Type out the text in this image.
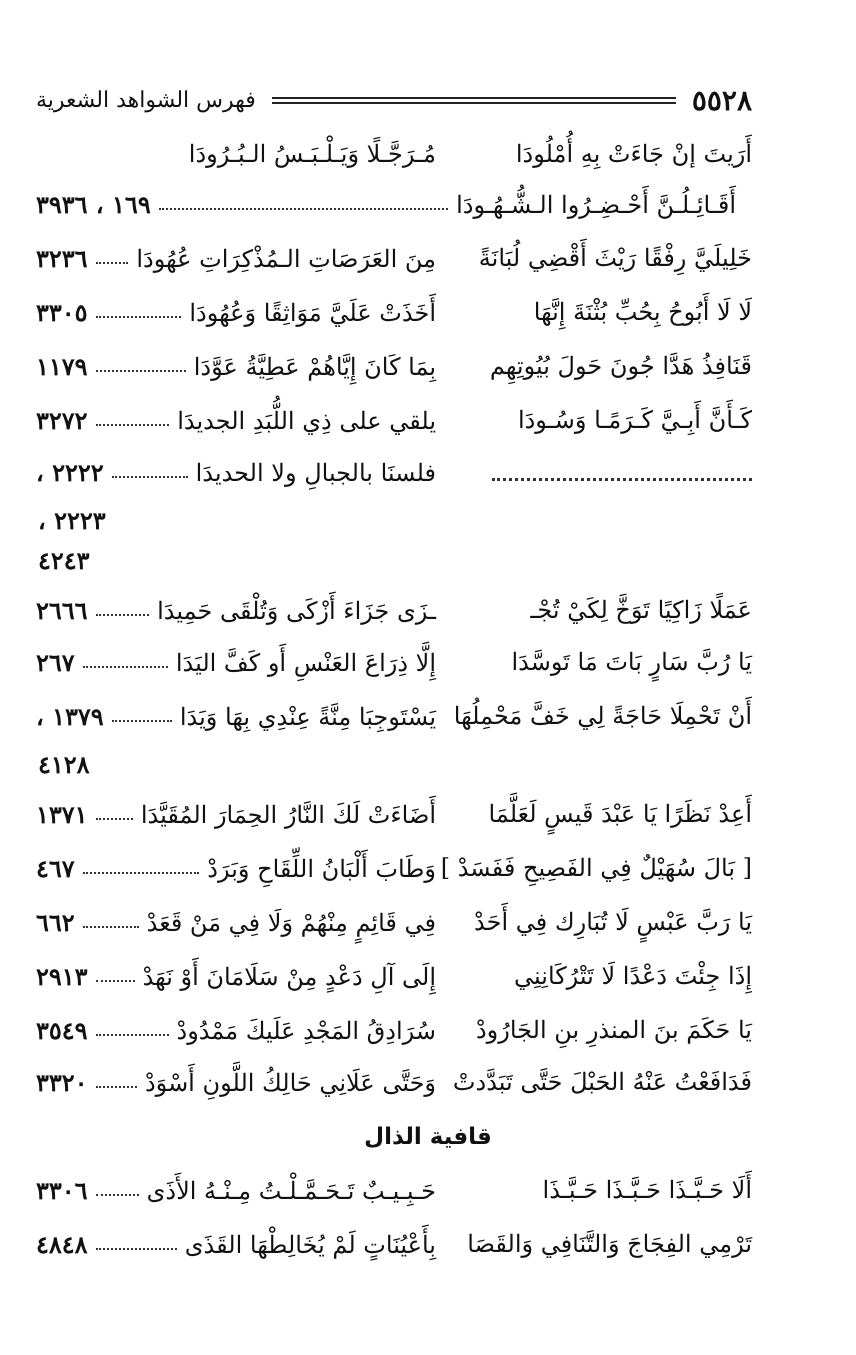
٥٥٢٨
فهرس الشواهد الشعرية
أَرَيتَ إنْ جَاءَتْ بِهِ أُمْلُودَا
مُـرَجَّـلًا وَيَـلْـبَـسُ الـبُـرُودَا
أَقَـائِـلُـنَّ أَحْـضِـرُوا الـشُّـهُـودَا
١٦٩ ، ٣٩٣٦
خَلِيلَيَّ رِفْقًا رَيْثَ أَقْضِي لُبَانَةً
مِنَ العَرَصَاتِ الـمُذْكِرَاتِ عُهُودَا
٣٢٣٦
لَا لَا أَبُوحُ بِحُبِّ بُثْنَةَ إِنَّهَا
أَخَذَتْ عَلَيَّ مَوَاثِقًا وَعُهُودَا
٣٣٠٥
قَنَافِذُ هَدَّا جُونَ حَولَ بُيُوتِهِم
بِمَا كَانَ إِيَّاهُمْ عَطِيَّةُ عَوَّدَا
١١٧٩
كَـأَنَّ أَبِـيَّ كَـرَمًـا وَسُـودَا
يلقي على ذِي اللُّبَدِ الجديدَا
٣٢٧٢
فلسنَا بالجبالِ ولا الحديدَا
٢٢٢٢ ،
٢٢٢٣ ،
٤٢٤٣
عَمَلًا زَاكِيًا تَوَخَّ لِكَيْ تُجْـ
ـزَى جَزَاءَ أَزْكَى وَتُلْقَى حَمِيدَا
٢٦٦٦
يَا رُبَّ سَارٍ بَاتَ مَا تَوسَّدَا
إِلَّا ذِرَاعَ العَنْسِ أَو كَفَّ اليَدَا
٢٦٧
أَنْ تَحْمِلَا حَاجَةً لِي خَفَّ مَحْمِلُهَا
يَسْتَوجِبَا مِنَّةً عِنْدِي بِهَا وَيَدَا
١٣٧٩ ،
٤١٢٨
أَعِدْ نَظَرًا يَا عَبْدَ قَيسٍ لَعَلَّمَا
أَضَاءَتْ لَكَ النَّارُ الحِمَارَ المُقَيَّدَا
١٣٧١
[ بَالَ سُهَيْلٌ فِي الفَصِيحِ فَفَسَدْ ]
وَطَابَ أَلْبَانُ اللِّقَاحِ وَبَرَدْ
٤٦٧
يَا رَبَّ عَبْسٍ لَا تُبَارِك فِي أَحَدْ
فِي قَائِمٍ مِنْهُمْ وَلَا فِي مَنْ قَعَدْ
٦٦٢
إِذَا جِئْتَ دَعْدًا لَا تَتْرُكَانِنِي
إِلَى آلِ دَعْدٍ مِنْ سَلَامَانَ أَوْ نَهَدْ
٢٩١٣
يَا حَكَمَ بنَ المنذرِ بنِ الجَارُودْ
سُرَادِقُ المَجْدِ عَلَيكَ مَمْدُودْ
٣٥٤٩
فَدَافَعْتُ عَنْهُ الحَبْلَ حَتَّى تَبَدَّدتْ
وَحَتَّى عَلَانِي حَالِكُ اللَّونِ أَسْوَدْ
٣٣٢٠
قافية الذال
أَلَا حَـبَّـذَا حَـبَّـذَا حَـبَّـذَا
حَـبِـيـبٌ تَـحَـمَّـلْـتُ مِـنْـهُ الأَذَى
٣٣٠٦
تَرْمِي الفِجَاجَ وَالتَّنَافِي وَالقَصَا
بِأَعْيُنَاتٍ لَمْ يُخَالِطْهَا القَذَى
٤٨٤٨
